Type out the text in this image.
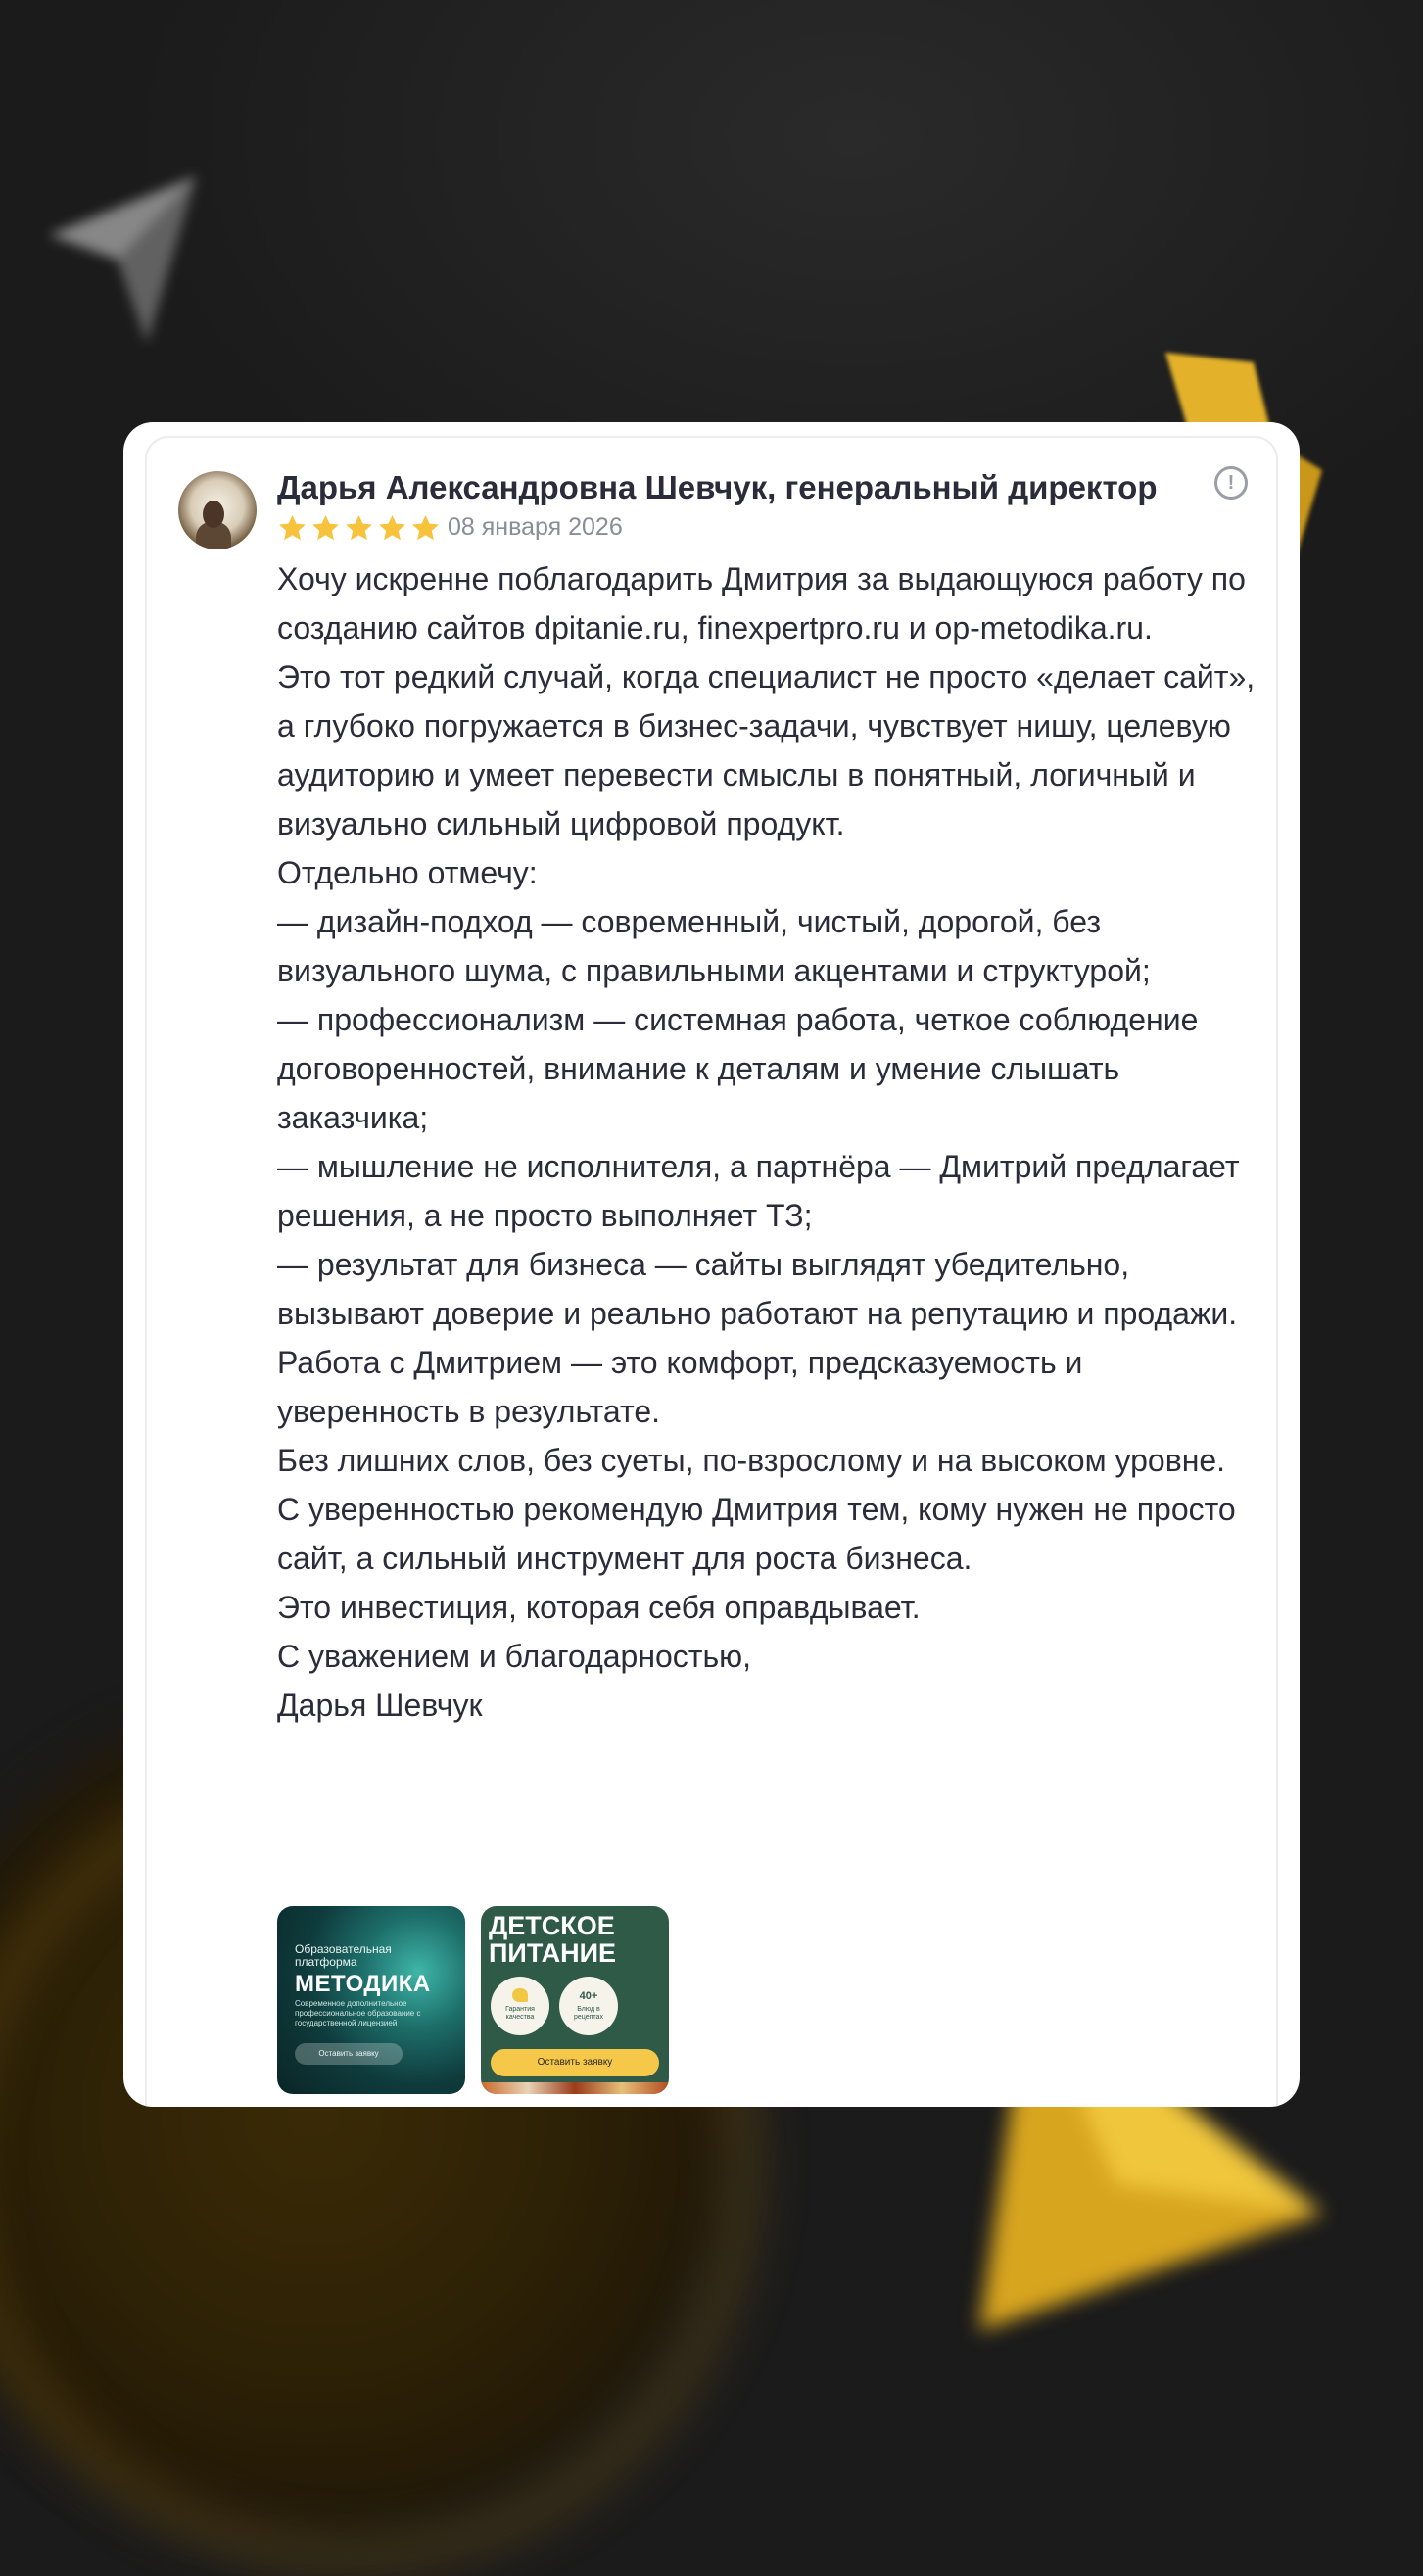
Дарья Александровна Шевчук, генеральный директор
08 января 2026
!

Хочу искренне поблагодарить Дмитрия за выдающуюся работу по созданию сайтов dpitanie.ru, finexpertpro.ru и op-metodika.ru.

Это тот редкий случай, когда специалист не просто «делает сайт», а глубоко погружается в бизнес-задачи, чувствует нишу, целевую аудиторию и умеет перевести смыслы в понятный, логичный и визуально сильный цифровой продукт.

Отдельно отмечу:

— дизайн-подход — современный, чистый, дорогой, без визуального шума, с правильными акцентами и структурой;

— профессионализм — системная работа, четкое соблюдение договоренностей, внимание к деталям и умение слышать заказчика;

— мышление не исполнителя, а партнёра — Дмитрий предлагает решения, а не просто выполняет ТЗ;

— результат для бизнеса — сайты выглядят убедительно, вызывают доверие и реально работают на репутацию и продажи.

Работа с Дмитрием — это комфорт, предсказуемость и уверенность в результате.

Без лишних слов, без суеты, по-взрослому и на высоком уровне.

С уверенностью рекомендую Дмитрия тем, кому нужен не просто сайт, а сильный инструмент для роста бизнеса.

Это инвестиция, которая себя оправдывает.

С уважением и благодарностью,

Дарья Шевчук

Образовательная платформа
МЕТОДИКА
Современное дополнительное профессиональное образование с государственной лицензией
Оставить заявку
ДЕТСКОЕ
ПИТАНИЕ
Гарантия качества
40+
Блюд в рецептах
Оставить заявку
